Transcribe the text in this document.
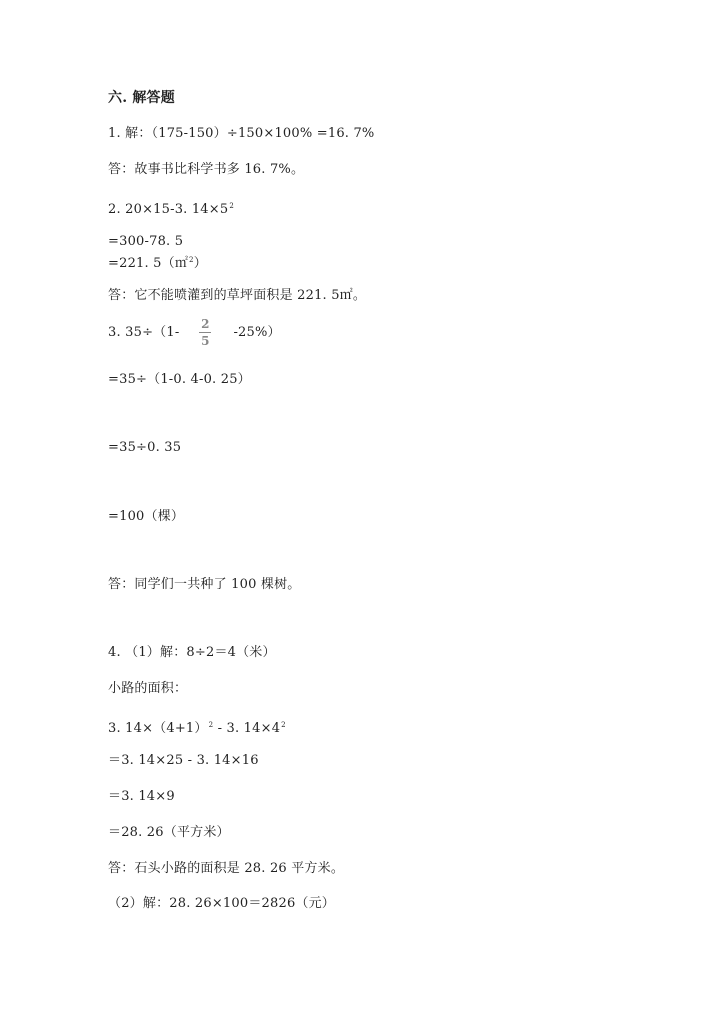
六. 解答题
1. 解：（175-150）÷150×100% =16. 7%
答：故事书比科学书多 16. 7%。
2. 20×15-3. $14\times 5^2$
=300-78. 5
=221. 5（㎡$^2$）
答：它不能喷灌到的草坪面积是 221. 5㎡。
3. $35\div(1- \frac{2}{5} -25\%)$
=35÷（1-0. 4-0. 25）
=35÷0. 35
=100（棵）
答：同学们一共种了 100 棵树。
4. （1）解：8÷2＝4（米）
小路的面积：
3. $14\times(4+1)^2 - 3$. $14\times 4^2$
＝3. 14×25 - 3. 14×16
＝3. 14×9
＝28. 26（平方米）
答：石头小路的面积是 28. 26 平方米。
（2）解：28. 26×100＝2826（元）
